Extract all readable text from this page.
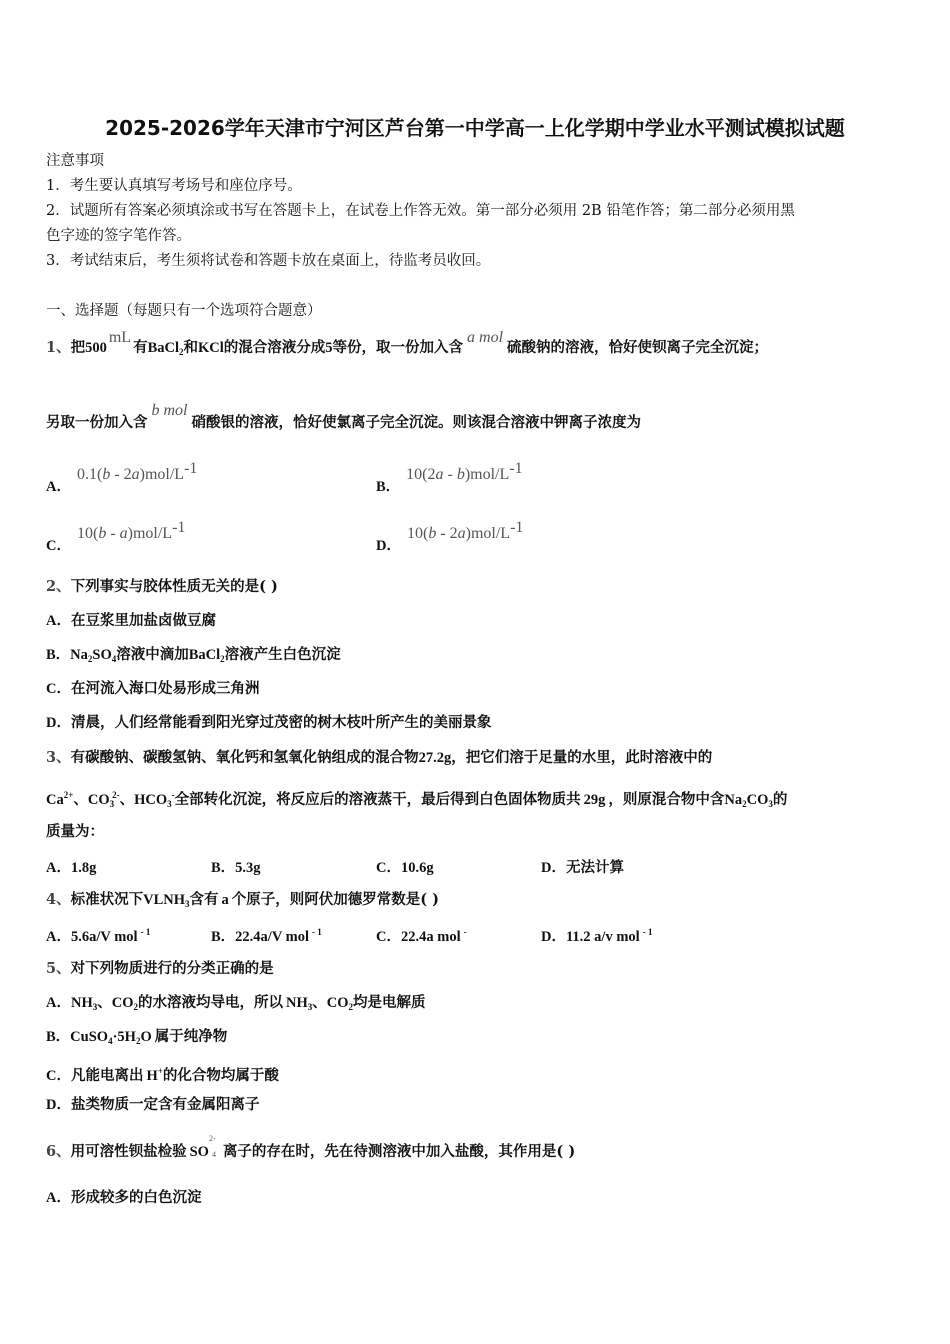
2025-2026学年天津市宁河区芦台第一中学高一上化学期中学业水平测试模拟试题
注意事项
1．考生要认真填写考场号和座位序号。
2．试题所有答案必须填涂或书写在答题卡上，在试卷上作答无效。第一部分必须用 2B 铅笔作答；第二部分必须用黑
色字迹的签字笔作答。
3．考试结束后，考生须将试卷和答题卡放在桌面上，待监考员收回。
一、选择题（每题只有一个选项符合题意）
1、把500mL有BaCl$_2$和KCl的混合溶液分成5等份，取一份加入含a mol硫酸钠的溶液，恰好使钡离子完全沉淀；
另取一份加入含b mol硝酸银的溶液，恰好使氯离子完全沉淀。则该混合溶液中钾离子浓度为
A．0.1(b - 2a)mol/L-1
B．10(2a - b)mol/L-1
C．10(b - a)mol/L-1
D．10(b - 2a)mol/L-1
2、下列事实与胶体性质无关的是( )
A．在豆浆里加盐卤做豆腐
B．$Na_2SO_4$溶液中滴加BaCl$_2$溶液产生白色沉淀
C．在河流入海口处易形成三角洲
D．清晨，人们经常能看到阳光穿过茂密的树木枝叶所产生的美丽景象
3、有碳酸钠、碳酸氢钠、氧化钙和氢氧化钠组成的混合物27.2g，把它们溶于足量的水里，此时溶液中的
$Ca^{2+}$、$CO_3^{2-}$、$HCO_3^-$全部转化沉淀，将反应后的溶液蒸干，最后得到白色固体物质共 29g ，则原混合物中含$Na_2CO_3$的
质量为：
A．1.8g	B．5.3g	C．10.6g	D．无法计算
4、标准状况下$VLNH_3$含有 a 个原子，则阿伏加德罗常数是( )
A．5.6a/V mol $^{- 1}$	B．22.4a/V mol $^{- 1}$	C．22.4a mol -	D．11.2 a/v mol $^{- 1}$
5、对下列物质进行的分类正确的是
A．$NH_3$、$CO_2$的水溶液均导电，所以 $NH_3$、$CO_2$均是电解质
B．$CuSO_4\cdot 5H_2O$ 属于纯净物
C．凡能电离出 H+的化合物均属于酸
D．盐类物质一定含有金属阳离子
6、用可溶性钡盐检验 SO
2-
4 离子的存在时，先在待测溶液中加入盐酸，其作用是( )
A．形成较多的白色沉淀
